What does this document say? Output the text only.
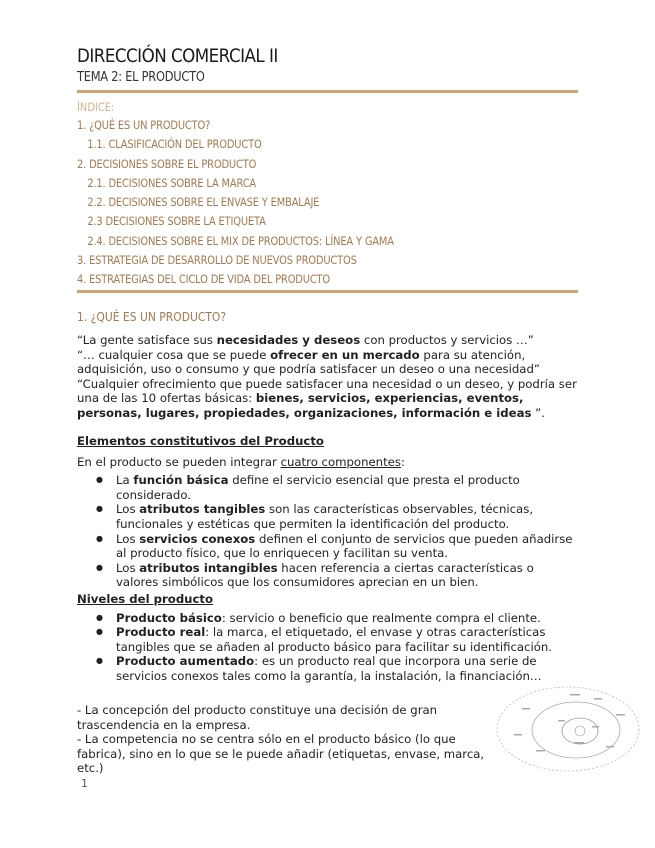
DIRECCIÓN COMERCIAL II
TEMA 2: EL PRODUCTO
ÍNDICE:
1. ¿QUÉ ES UN PRODUCTO?
1.1. CLASIFICACIÓN DEL PRODUCTO
2. DECISIONES SOBRE EL PRODUCTO
2.1. DECISIONES SOBRE LA MARCA
2.2. DECISIONES SOBRE EL ENVASE Y EMBALAJE
2.3 DECISIONES SOBRE LA ETIQUETA
2.4. DECISIONES SOBRE EL MIX DE PRODUCTOS: LÍNEA Y GAMA
3. ESTRATEGIA DE DESARROLLO DE NUEVOS PRODUCTOS
4. ESTRATEGIAS DEL CICLO DE VIDA DEL PRODUCTO
1. ¿QUÉ ES UN PRODUCTO?

“La gente satisface sus necesidades y deseos con productos y servicios …”

“… cualquier cosa que se puede ofrecer en un mercado para su atención, adquisición, uso o consumo y que podría satisfacer un deseo o una necesidad”

“Cualquier ofrecimiento que puede satisfacer una necesidad o un deseo, y podría ser una de las 10 ofertas básicas: bienes, servicios, experiencias, eventos, personas, lugares, propiedades, organizaciones, información e ideas ”.

Elementos constitutivos del Producto

En el producto se pueden integrar cuatro componentes:

● La función básica define el servicio esencial que presta el producto considerado.
● Los atributos tangibles son las características observables, técnicas, funcionales y estéticas que permiten la identificación del producto.
● Los servicios conexos definen el conjunto de servicios que pueden añadirse al producto físico, que lo enriquecen y facilitan su venta.
● Los atributos intangibles hacen referencia a ciertas características o valores simbólicos que los consumidores aprecian en un bien.

Niveles del producto

● Producto básico: servicio o beneficio que realmente compra el cliente.
● Producto real: la marca, el etiquetado, el envase y otras características tangibles que se añaden al producto básico para facilitar su identificación.
● Producto aumentado: es un producto real que incorpora una serie de servicios conexos tales como la garantía, la instalación, la financiación…

- La concepción del producto constituye una decisión de gran trascendencia en la empresa.

- La competencia no se centra sólo en el producto básico (lo que fabrica), sino en lo que se le puede añadir (etiquetas, envase, marca, etc.)

1
